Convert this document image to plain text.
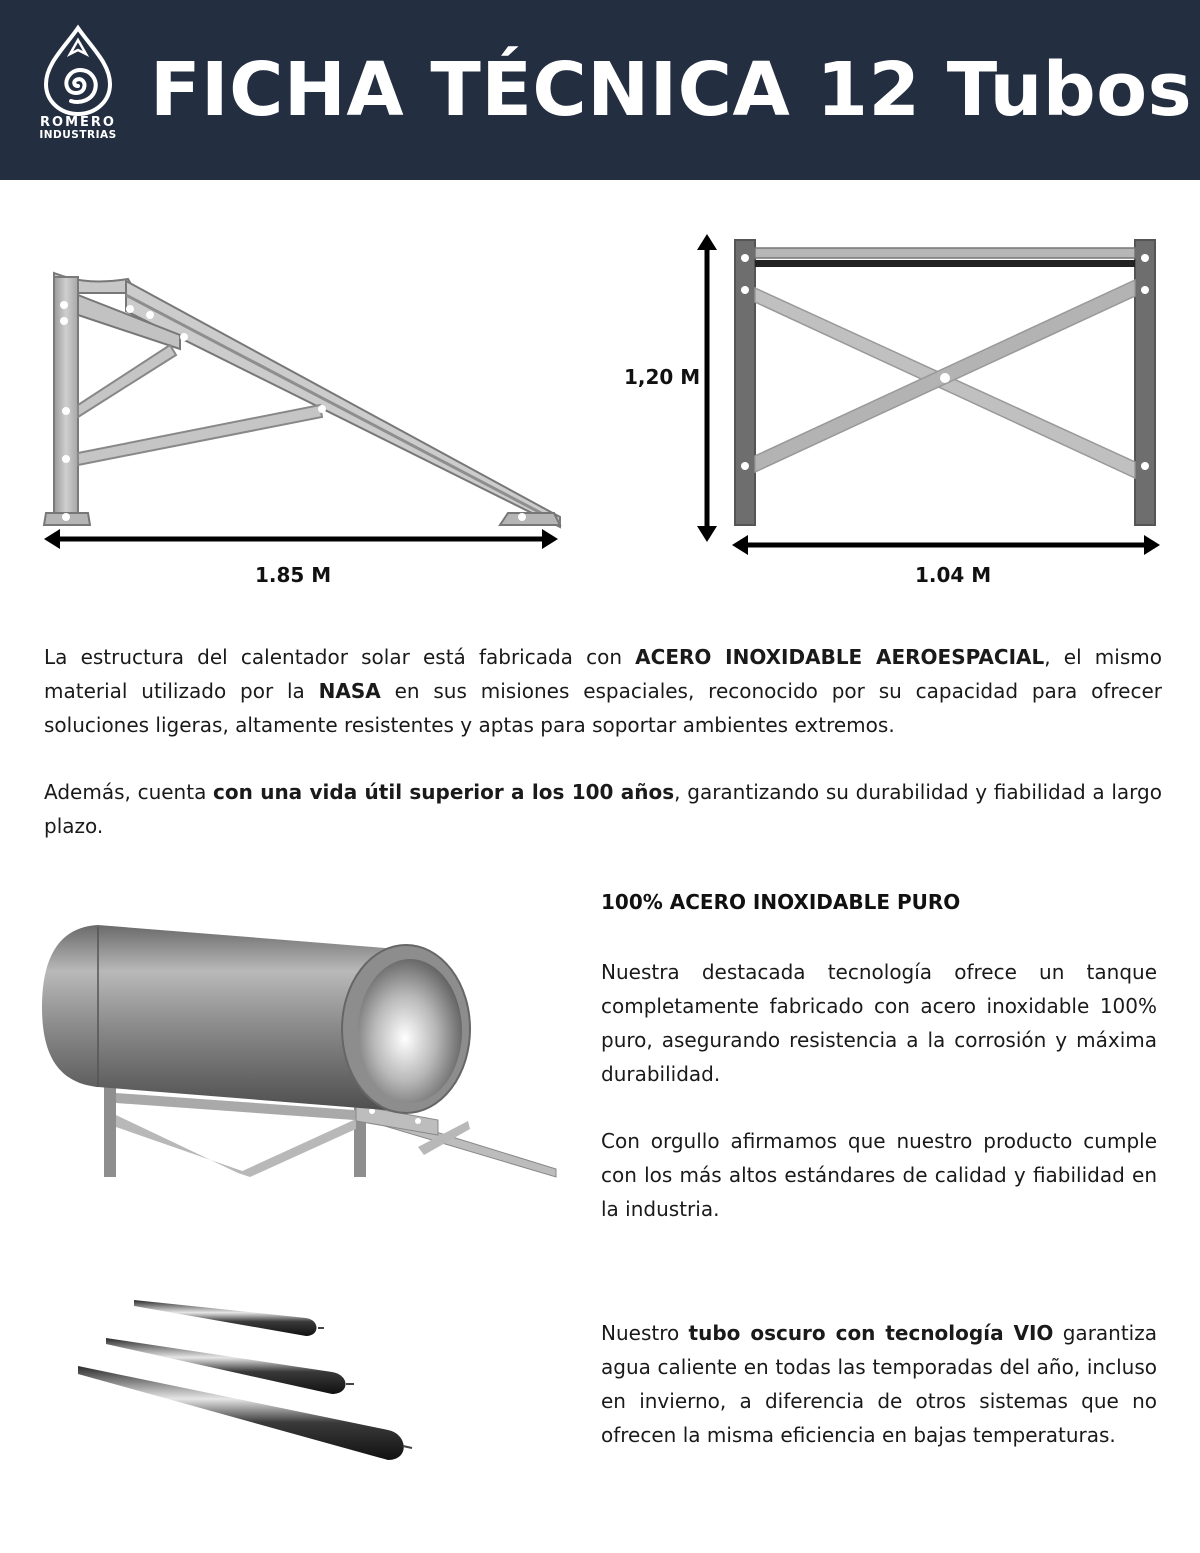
ROMERO
INDUSTRIAS
FICHA TÉCNICA 12 Tubos
1.85 M
1,20 M
1.04 M

La estructura del calentador solar está fabricada con ACERO INOXIDABLE AEROESPACIAL, el mismo material utilizado por la NASA en sus misiones espaciales, reconocido por su capacidad para ofrecer soluciones ligeras, altamente resistentes y aptas para soportar ambientes extremos.

Además, cuenta con una vida útil superior a los 100 años, garantizando su durabilidad y fiabilidad a largo plazo.

100% ACERO INOXIDABLE PURO

Nuestra destacada tecnología ofrece un tanque completamente fabricado con acero inoxidable 100% puro, asegurando resistencia a la corrosión y máxima durabilidad.

Con orgullo afirmamos que nuestro producto cumple con los más altos estándares de calidad y fiabilidad en la industria.

Nuestro tubo oscuro con tecnología VIO garantiza agua caliente en todas las temporadas del año, incluso en invierno, a diferencia de otros sistemas que no ofrecen la misma eficiencia en bajas temperaturas.
